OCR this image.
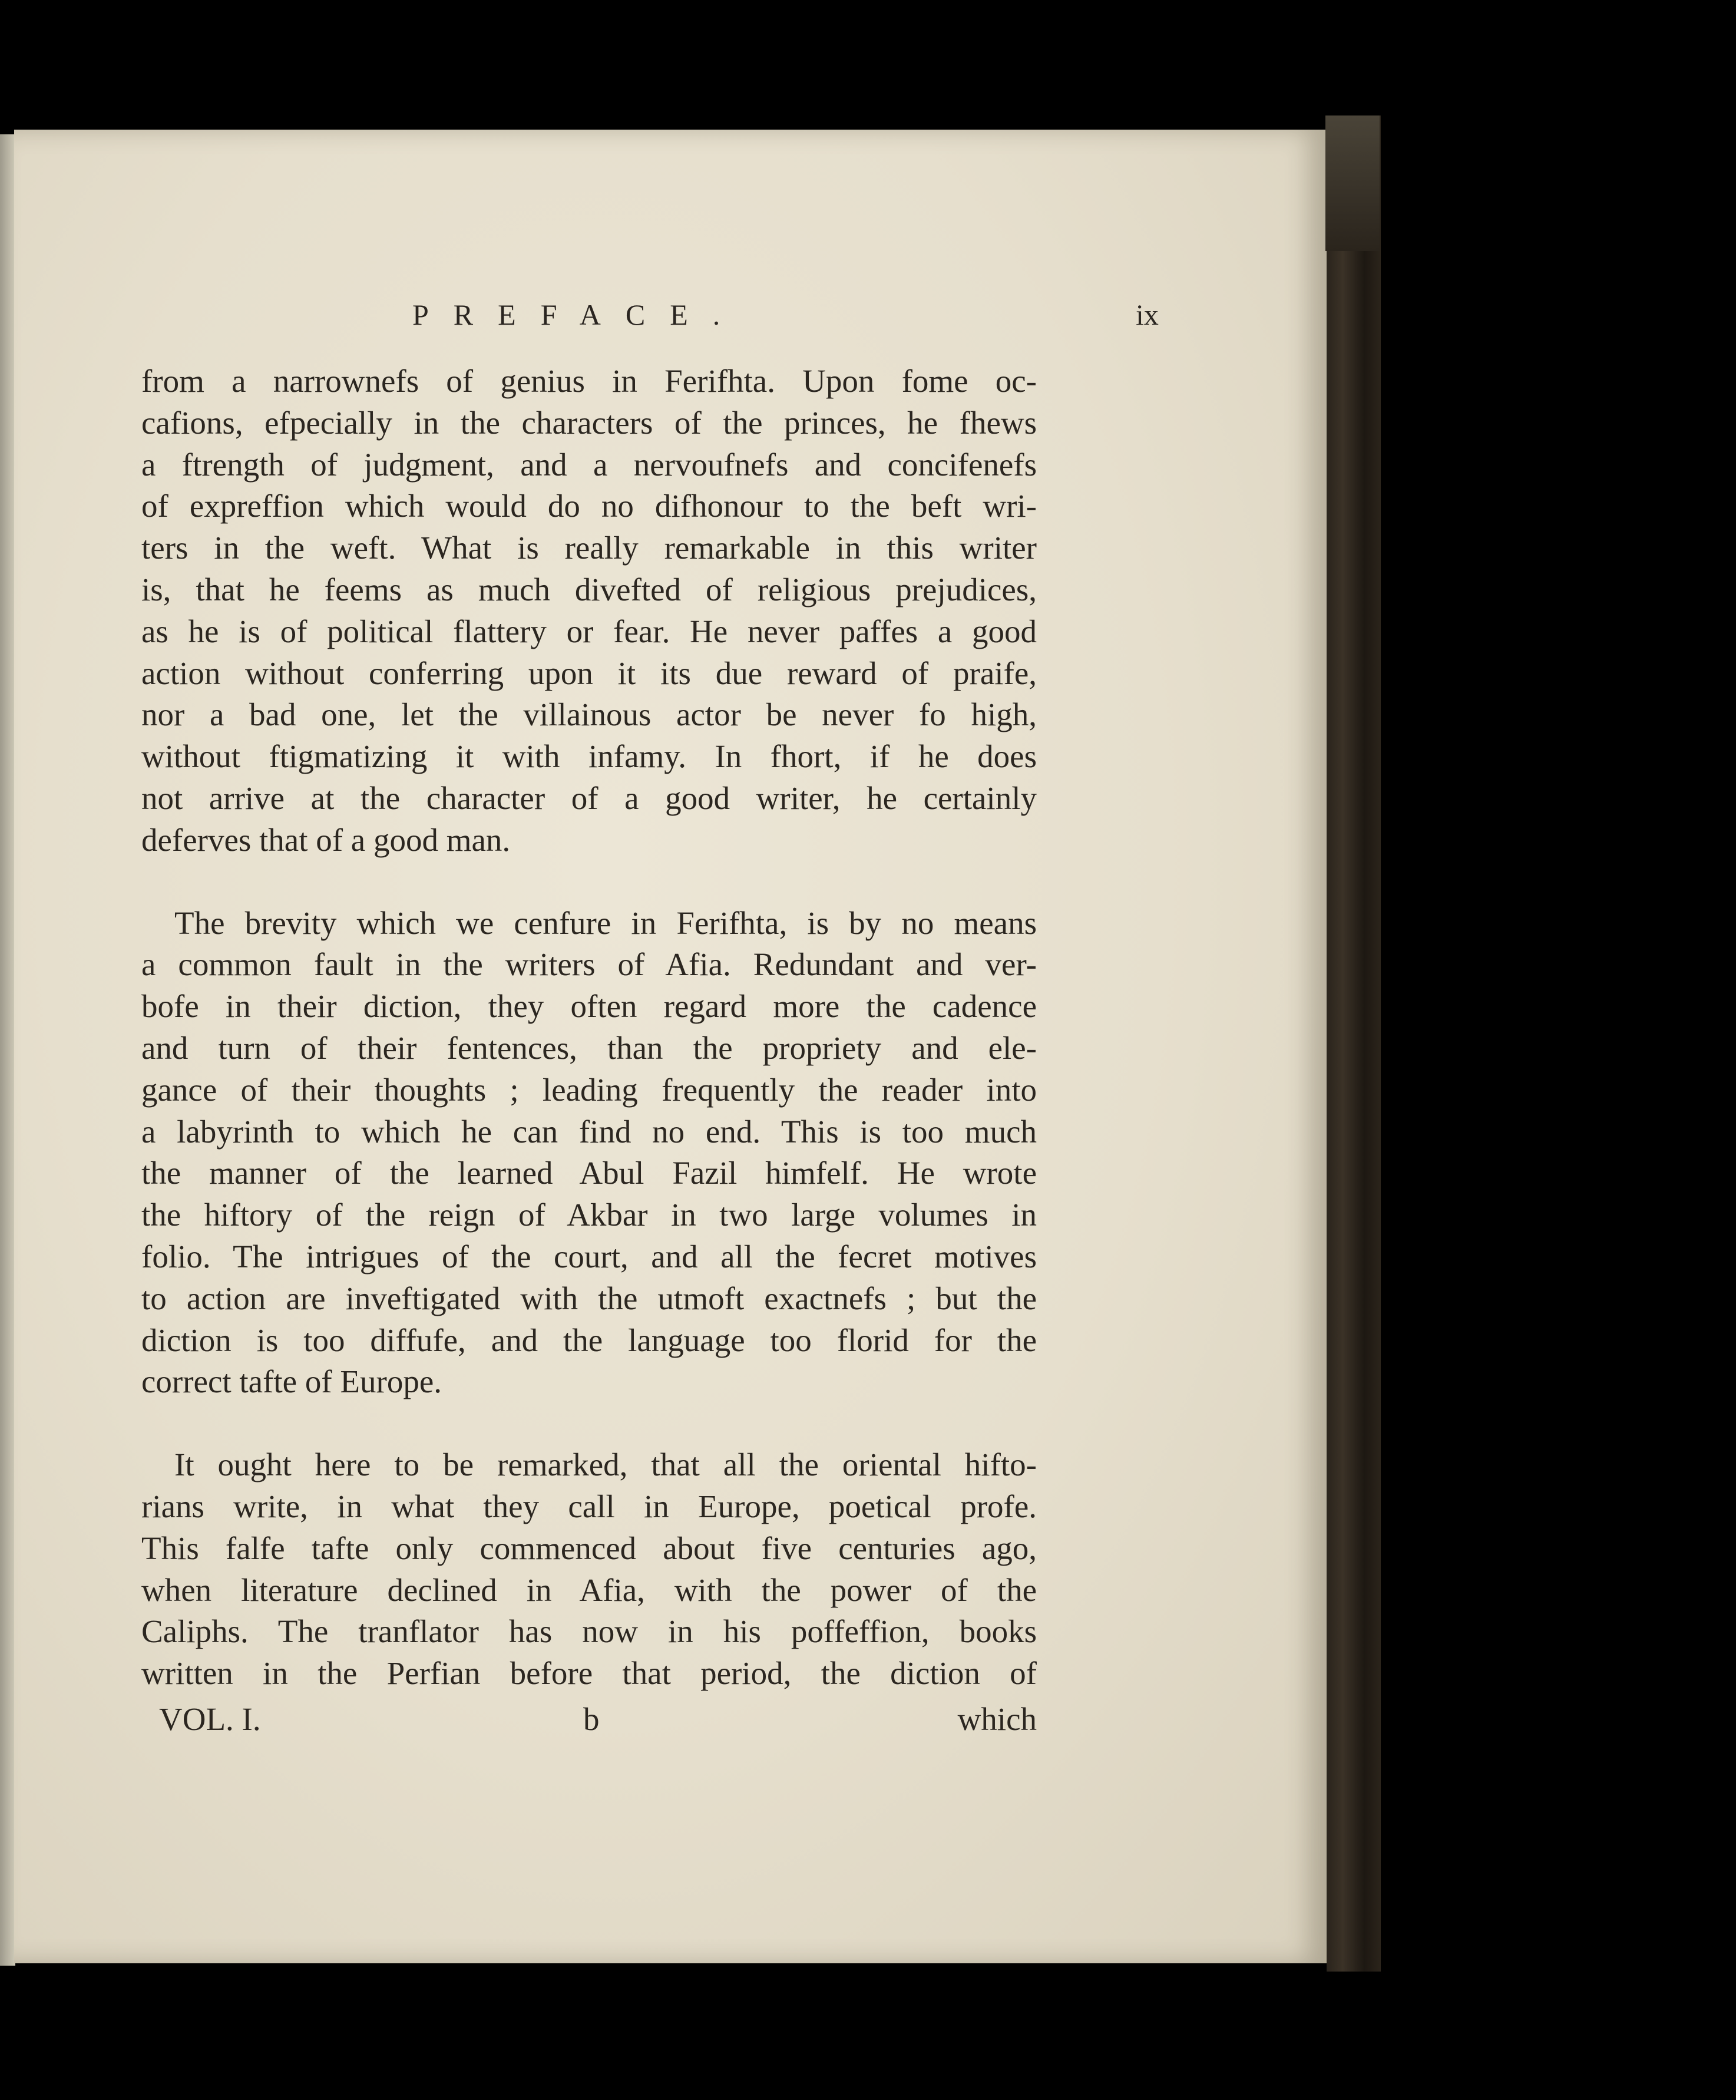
PREFACE.	ix
from a narrownefs of genius in Ferifhta. Upon fome oc-
cafions, efpecially in the characters of the princes, he fhews
a ftrength of judgment, and a nervoufnefs and concifenefs
of expreffion which would do no difhonour to the beft wri-
ters in the weft. What is really remarkable in this writer
is, that he feems as much divefted of religious prejudices,
as he is of political flattery or fear. He never paffes a good
action without conferring upon it its due reward of praife,
nor a bad one, let the villainous actor be never fo high,
without ftigmatizing it with infamy. In fhort, if he does
not arrive at the character of a good writer, he certainly
deferves that of a good man.
The brevity which we cenfure in Ferifhta, is by no means
a common fault in the writers of Afia. Redundant and ver-
bofe in their diction, they often regard more the cadence
and turn of their fentences, than the propriety and ele-
gance of their thoughts ; leading frequently the reader into
a labyrinth to which he can find no end. This is too much
the manner of the learned Abul Fazil himfelf. He wrote
the hiftory of the reign of Akbar in two large volumes in
folio. The intrigues of the court, and all the fecret motives
to action are inveftigated with the utmoft exactnefs ; but the
diction is too diffufe, and the language too florid for the
correct tafte of Europe.
It ought here to be remarked, that all the oriental hifto-
rians write, in what they call in Europe, poetical profe.
This falfe tafte only commenced about five centuries ago,
when literature declined in Afia, with the power of the
Caliphs. The tranflator has now in his poffeffion, books
written in the Perfian before that period, the diction of
VOL. I.	b	which
